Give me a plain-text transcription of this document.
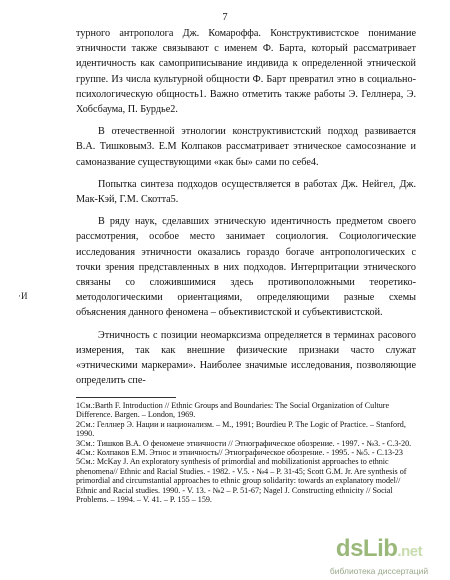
7

турного антрополога Дж. Комароффа. Конструктивистское понимание этничности также связывают с именем Ф. Барта, который рассматривает идентичность как самоприписывание индивида к определенной этнической группе. Из числа культурной общности Ф. Барт превратил этно в социально-психологическую общность1. Важно отметить также работы Э. Геллнера, Э. Хобсбаума, П. Бурдье2.

В отечественной этнологии конструктивистский подход развивается В.А. Тишковым3. Е.М Колпаков рассматривает этническое самосознание и самоназвание существующими «как бы» сами по себе4.

Попытка синтеза подходов осуществляется в работах Дж. Нейгел, Дж. Мак-Кэй, Г.М. Скотта5.

В ряду наук, сделавших этническую идентичность предметом своего рассмотрения, особое место занимает социология. Социологические исследования этничности оказались гораздо богаче антропологических с точки зрения представленных в них подходов. Интерпритации этнического связаны со сложившимися здесь противоположными теоретико-методологическими ориентациями, определяющими разные схемы объяснения данного феномена – объективистской и субъективистской.

Этничность с позиции неомарксизма определяется в терминах расового измерения, так как внешние физические признаки часто служат «этническими маркерами». Наиболее значимые исследования, позволяющие определить спе-

·И

1См.:Barth F. Introduction // Ethnic Groups and Boundaries: The Social Organization of Culture Difference. Bargen. – London, 1969.

2См.: Геллнер Э. Нации и национализм. – М., 1991; Bourdieu P. The Logic of Practice. – Stanford, 1990.

3См.: Тишков В.А. О феномене этничности // Этнографическое обозрение. - 1997. - №3. - С.3-20.

4См.: Колпаков Е.М. Этнос и этничность// Этнографическое обозрение. - 1995. - №5. - С.13-23

5См.: McKay J. An exploratory synthesis of primordial and mobilizationist approaches to ethnic phenomena// Ethnic and Racial Studies. - 1982. - V.5. - №4 – P. 31-45; Scott G.M. Jr. Are synthesis of primordial and circumstantial approaches to ethnic group solidarity: towards an explanatory model// Ethnic and Racial studies. 1990. - V. 13. - №2 – P. 51-67; Nagel J. Constructing ethnicity // Social Problems. – 1994. – V. 41. – P. 155 – 159.

dsLib.net
библиотека диссертаций
